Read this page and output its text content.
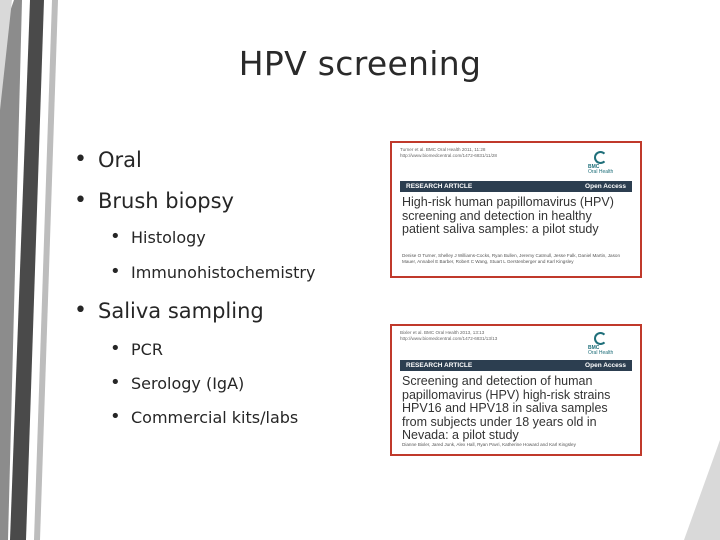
HPV screening
• Oral
• Brush biopsy
• Histology
• Immunohistochemistry
• Saliva sampling
• PCR
• Serology (IgA)
• Commercial kits/labs
Turner et al. BMC Oral Health 2011, 11:28
http://www.biomedcentral.com/1472-6831/11/28
BMC
Oral Health
RESEARCH ARTICLE	Open Access
High-risk human papillomavirus (HPV) screening and detection in healthy patient saliva samples: a pilot study
Denise O Turner, Shelley J Williams-Cocks, Ryan Bullen, Jeremy Catmull, Jesse Falk, Daniel Martin, Jason Mauer, Annabel E Barber, Robert C Wang, Stuart L Gerstenberger and Karl Kingsley
Bixler et al. BMC Oral Health 2013, 13:13
http://www.biomedcentral.com/1472-6831/13/13
BMC
Oral Health
RESEARCH ARTICLE	Open Access
Screening and detection of human papillomavirus (HPV) high-risk strains HPV16 and HPV18 in saliva samples from subjects under 18 years old in Nevada: a pilot study
Dianne Bixler, Jared Junk, Alex Hall, Ryan Pavri, Katherine Howard and Karl Kingsley
